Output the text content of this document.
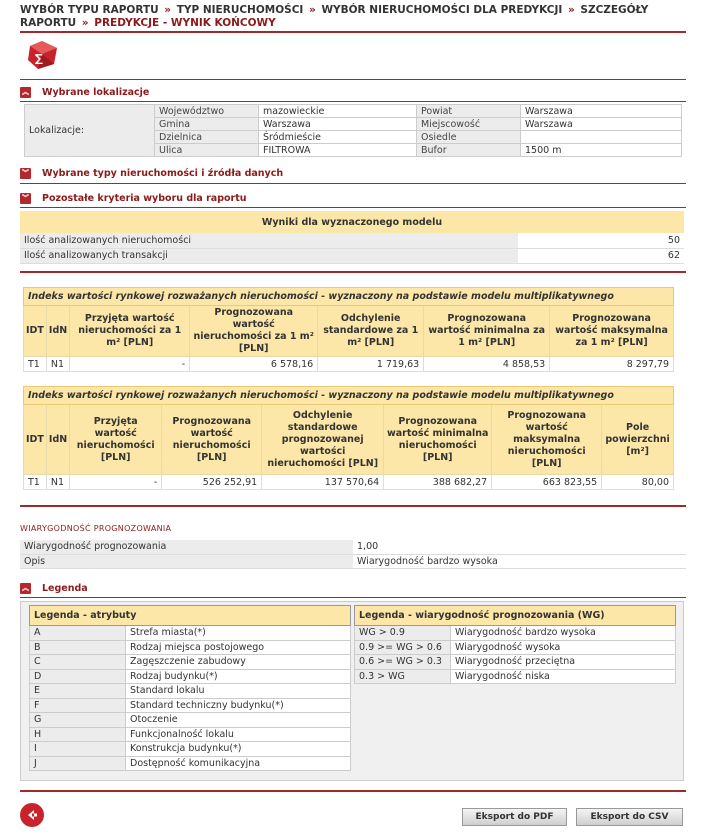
WYBÓR TYPU RAPORTU » TYP NIERUCHOMOŚCI » WYBÓR NIERUCHOMOŚCI DLA PREDYKCJI » SZCZEGÓŁY RAPORTU » PREDYKCJE - WYNIK KOŃCOWY
∑
︽ Wybrane lokalizacje
Lokalizacje:	Województwo	mazowieckie	Powiat	Warszawa
	Gmina	Warszawa	Miejscowość	Warszawa
	Dzielnica	Śródmieście	Osiedle	
	Ulica	FILTROWA	Bufor	1500 m
︾ Wybrane typy nieruchomości i źródła danych
︾ Pozostałe kryteria wyboru dla raportu
Wyniki dla wyznaczonego modelu	
Ilość analizowanych nieruchomości	50
Ilość analizowanych transakcji	62
Indeks wartości rynkowej rozważanych nieruchomości - wyznaczony na podstawie modelu multiplikatywnego						
IDT	IdN	Przyjęta wartość nieruchomości za 1 m² [PLN]	Prognozowana wartość nieruchomości za 1 m² [PLN]	Odchylenie standardowe za 1 m² [PLN]	Prognozowana wartość minimalna za 1 m² [PLN]	Prognozowana wartość maksymalna za 1 m² [PLN]
T1	N1	-	6 578,16	1 719,63	4 858,53	8 297,79
Indeks wartości rynkowej rozważanych nieruchomości - wyznaczony na podstawie modelu multiplikatywnego							
IDT	IdN	Przyjęta wartość nieruchomości [PLN]	Prognozowana wartość nieruchomości [PLN]	Odchylenie standardowe prognozowanej wartości nieruchomości [PLN]	Prognozowana wartość minimalna nieruchomości [PLN]	Prognozowana wartość maksymalna nieruchomości [PLN]	Pole powierzchni [m²]
T1	N1	-	526 252,91	137 570,64	388 682,27	663 823,55	80,00
WIARYGODNOŚĆ PROGNOZOWANIA
Wiarygodność prognozowania	1,00
Opis	Wiarygodność bardzo wysoka
︽ Legenda
Legenda - atrybuty	
A	Strefa miasta(*)
B	Rodzaj miejsca postojowego
C	Zagęszczenie zabudowy
D	Rodzaj budynku(*)
E	Standard lokalu
F	Standard techniczny budynku(*)
G	Otoczenie
H	Funkcjonalność lokalu
I	Konstrukcja budynku(*)
J	Dostępność komunikacyjna
Legenda - wiarygodność prognozowania (WG)	
WG > 0.9	Wiarygodność bardzo wysoka
0.9 >= WG > 0.6	Wiarygodność wysoka
0.6 >= WG > 0.3	Wiarygodność przeciętna
0.3 > WG	Wiarygodność niska
Eksport do PDF	Eksport do CSV
